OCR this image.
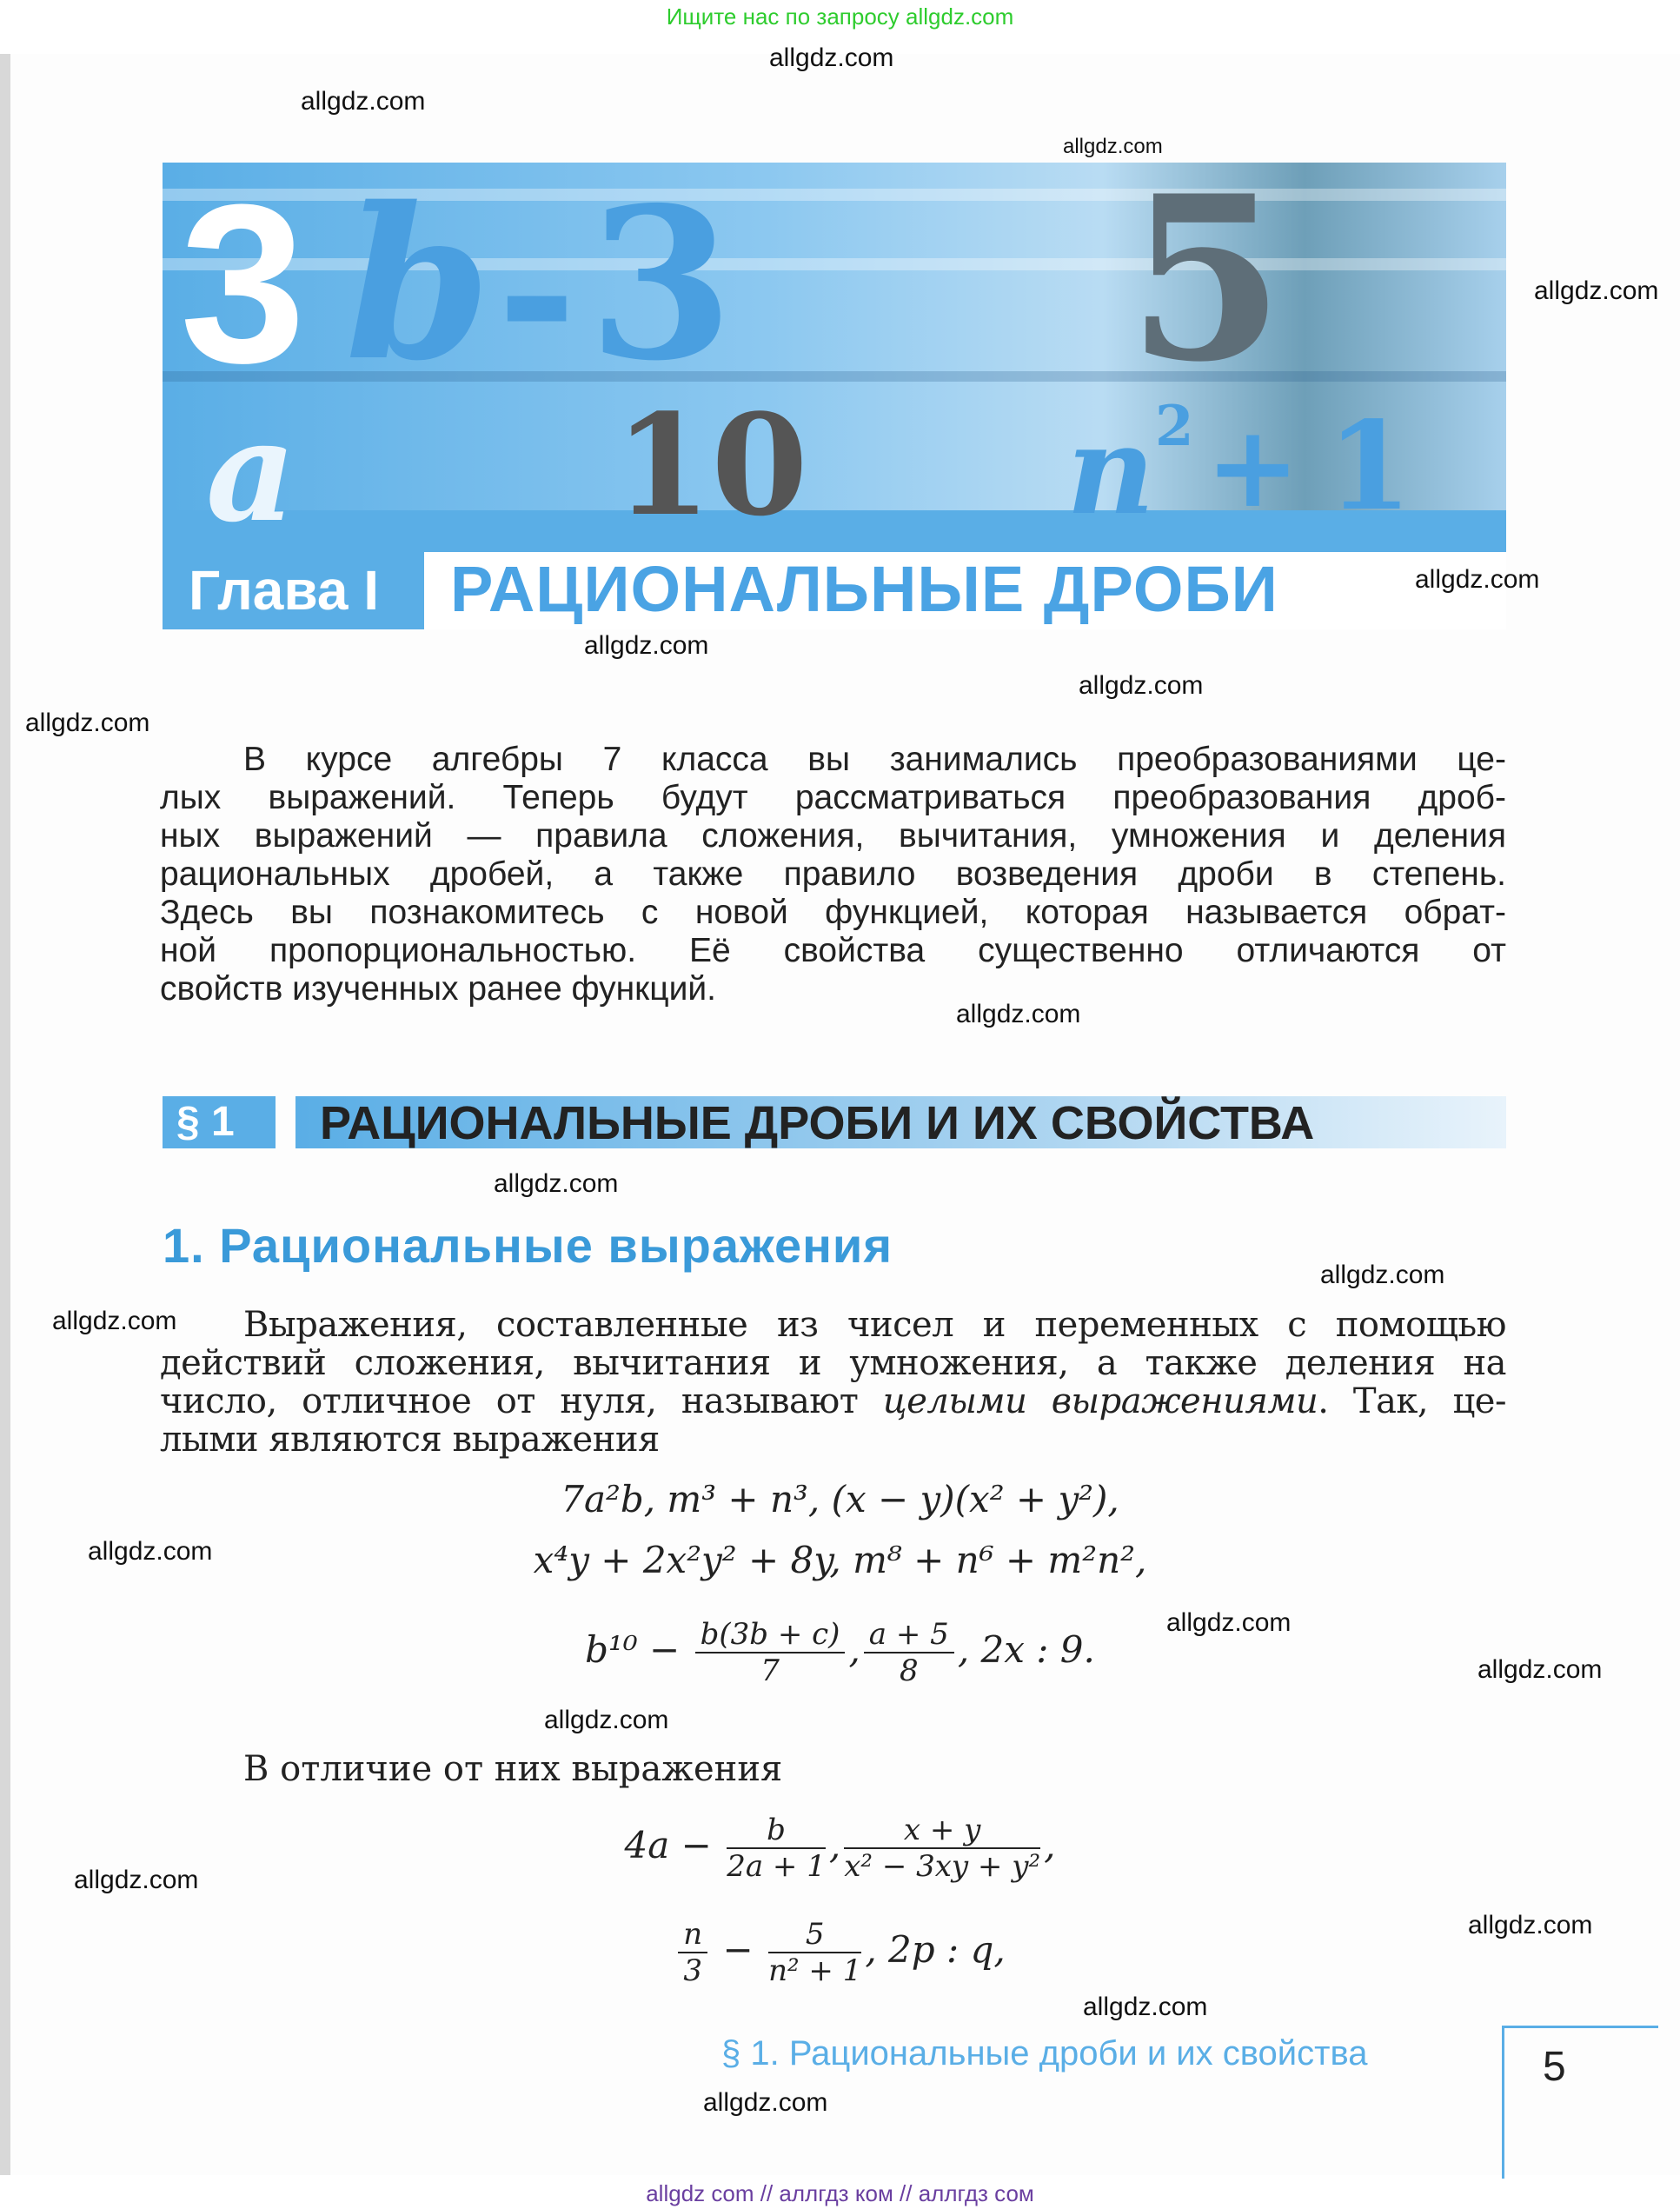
Ищите нас по запросу allgdz.com
3
a
b - 3
10
5
n 2 + 1
Глава I	РАЦИОНАЛЬНЫЕ ДРОБИ
В курсе алгебры 7 класса вы занимались преобразованиями це-
лых выражений. Теперь будут рассматриваться преобразования дроб-
ных выражений — правила сложения, вычитания, умножения и деления
рациональных дробей, а также правило возведения дроби в степень.
Здесь вы познакомитесь с новой функцией, которая называется обрат-
ной пропорциональностью. Её свойства существенно отличаются от
свойств изученных ранее функций.
§ 1	РАЦИОНАЛЬНЫЕ ДРОБИ И ИХ СВОЙСТВА
1. Рациональные выражения
Выражения, составленные из чисел и переменных с помощью
действий сложения, вычитания и умножения, а также деления на
число, отличное от нуля, называют целыми выражениями. Так, це-
лыми являются выражения
7a²b, m³ + n³, (x − y)(x² + y²),
x⁴y + 2x²y² + 8y, m⁸ + n⁶ + m²n²,
$b^{10} - \frac{b(3b + c)}{7}$ , $\frac{a + 5}{8}$ , 2x : 9.
В отличие от них выражения
$4a - \frac{b}{2a + 1}$ , $\frac{x + y}{\text{x² − 3xy + y²}}$ ,
$\frac{n}{3} - \frac{5}{\text{n² + 1}}$ , 2p : q,
§ 1. Рациональные дроби и их свойства	5
allgdz com // аллгдз ком // аллгдз сом
allgdz.com
allgdz.com
allgdz.com
allgdz.com
allgdz.com
allgdz.com
allgdz.com
allgdz.com
allgdz.com
allgdz.com
allgdz.com
allgdz.com
allgdz.com
allgdz.com
allgdz.com
allgdz.com
allgdz.com
allgdz.com
allgdz.com
allgdz.com
